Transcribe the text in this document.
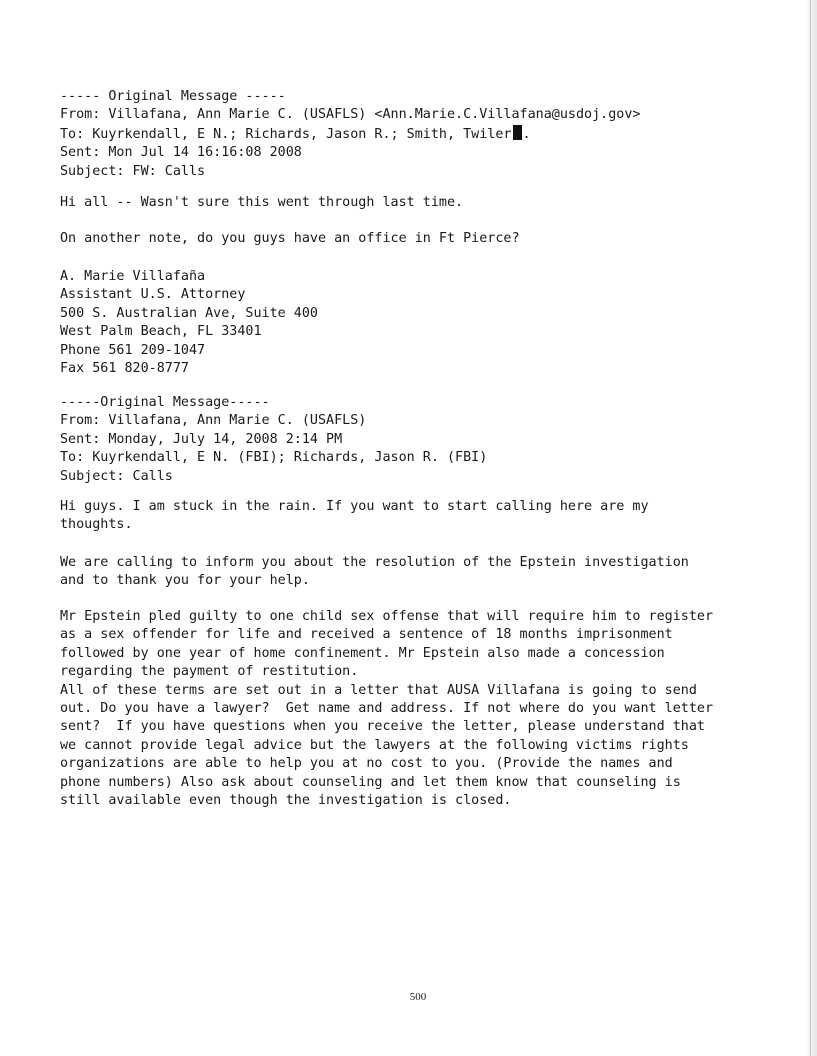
----- Original Message -----

From: Villafana, Ann Marie C. (USAFLS) <Ann.Marie.C.Villafana@usdoj.gov>

To: Kuyrkendall, E N.; Richards, Jason R.; Smith, Twiler .

Sent: Mon Jul 14 16:16:08 2008

Subject: FW: Calls

Hi all -- Wasn't sure this went through last time.

On another note, do you guys have an office in Ft Pierce?

A. Marie Villafaña

Assistant U.S. Attorney

500 S. Australian Ave, Suite 400

West Palm Beach, FL 33401

Phone 561 209-1047

Fax 561 820-8777

-----Original Message-----

From: Villafana, Ann Marie C. (USAFLS)

Sent: Monday, July 14, 2008 2:14 PM

To: Kuyrkendall, E N. (FBI); Richards, Jason R. (FBI)

Subject: Calls

Hi guys. I am stuck in the rain. If you want to start calling here are my

thoughts.

We are calling to inform you about the resolution of the Epstein investigation

and to thank you for your help.

Mr Epstein pled guilty to one child sex offense that will require him to register

as a sex offender for life and received a sentence of 18 months imprisonment

followed by one year of home confinement. Mr Epstein also made a concession

regarding the payment of restitution.

All of these terms are set out in a letter that AUSA Villafana is going to send

out. Do you have a lawyer?  Get name and address. If not where do you want letter

sent?  If you have questions when you receive the letter, please understand that

we cannot provide legal advice but the lawyers at the following victims rights

organizations are able to help you at no cost to you. (Provide the names and

phone numbers) Also ask about counseling and let them know that counseling is

still available even though the investigation is closed.

500
